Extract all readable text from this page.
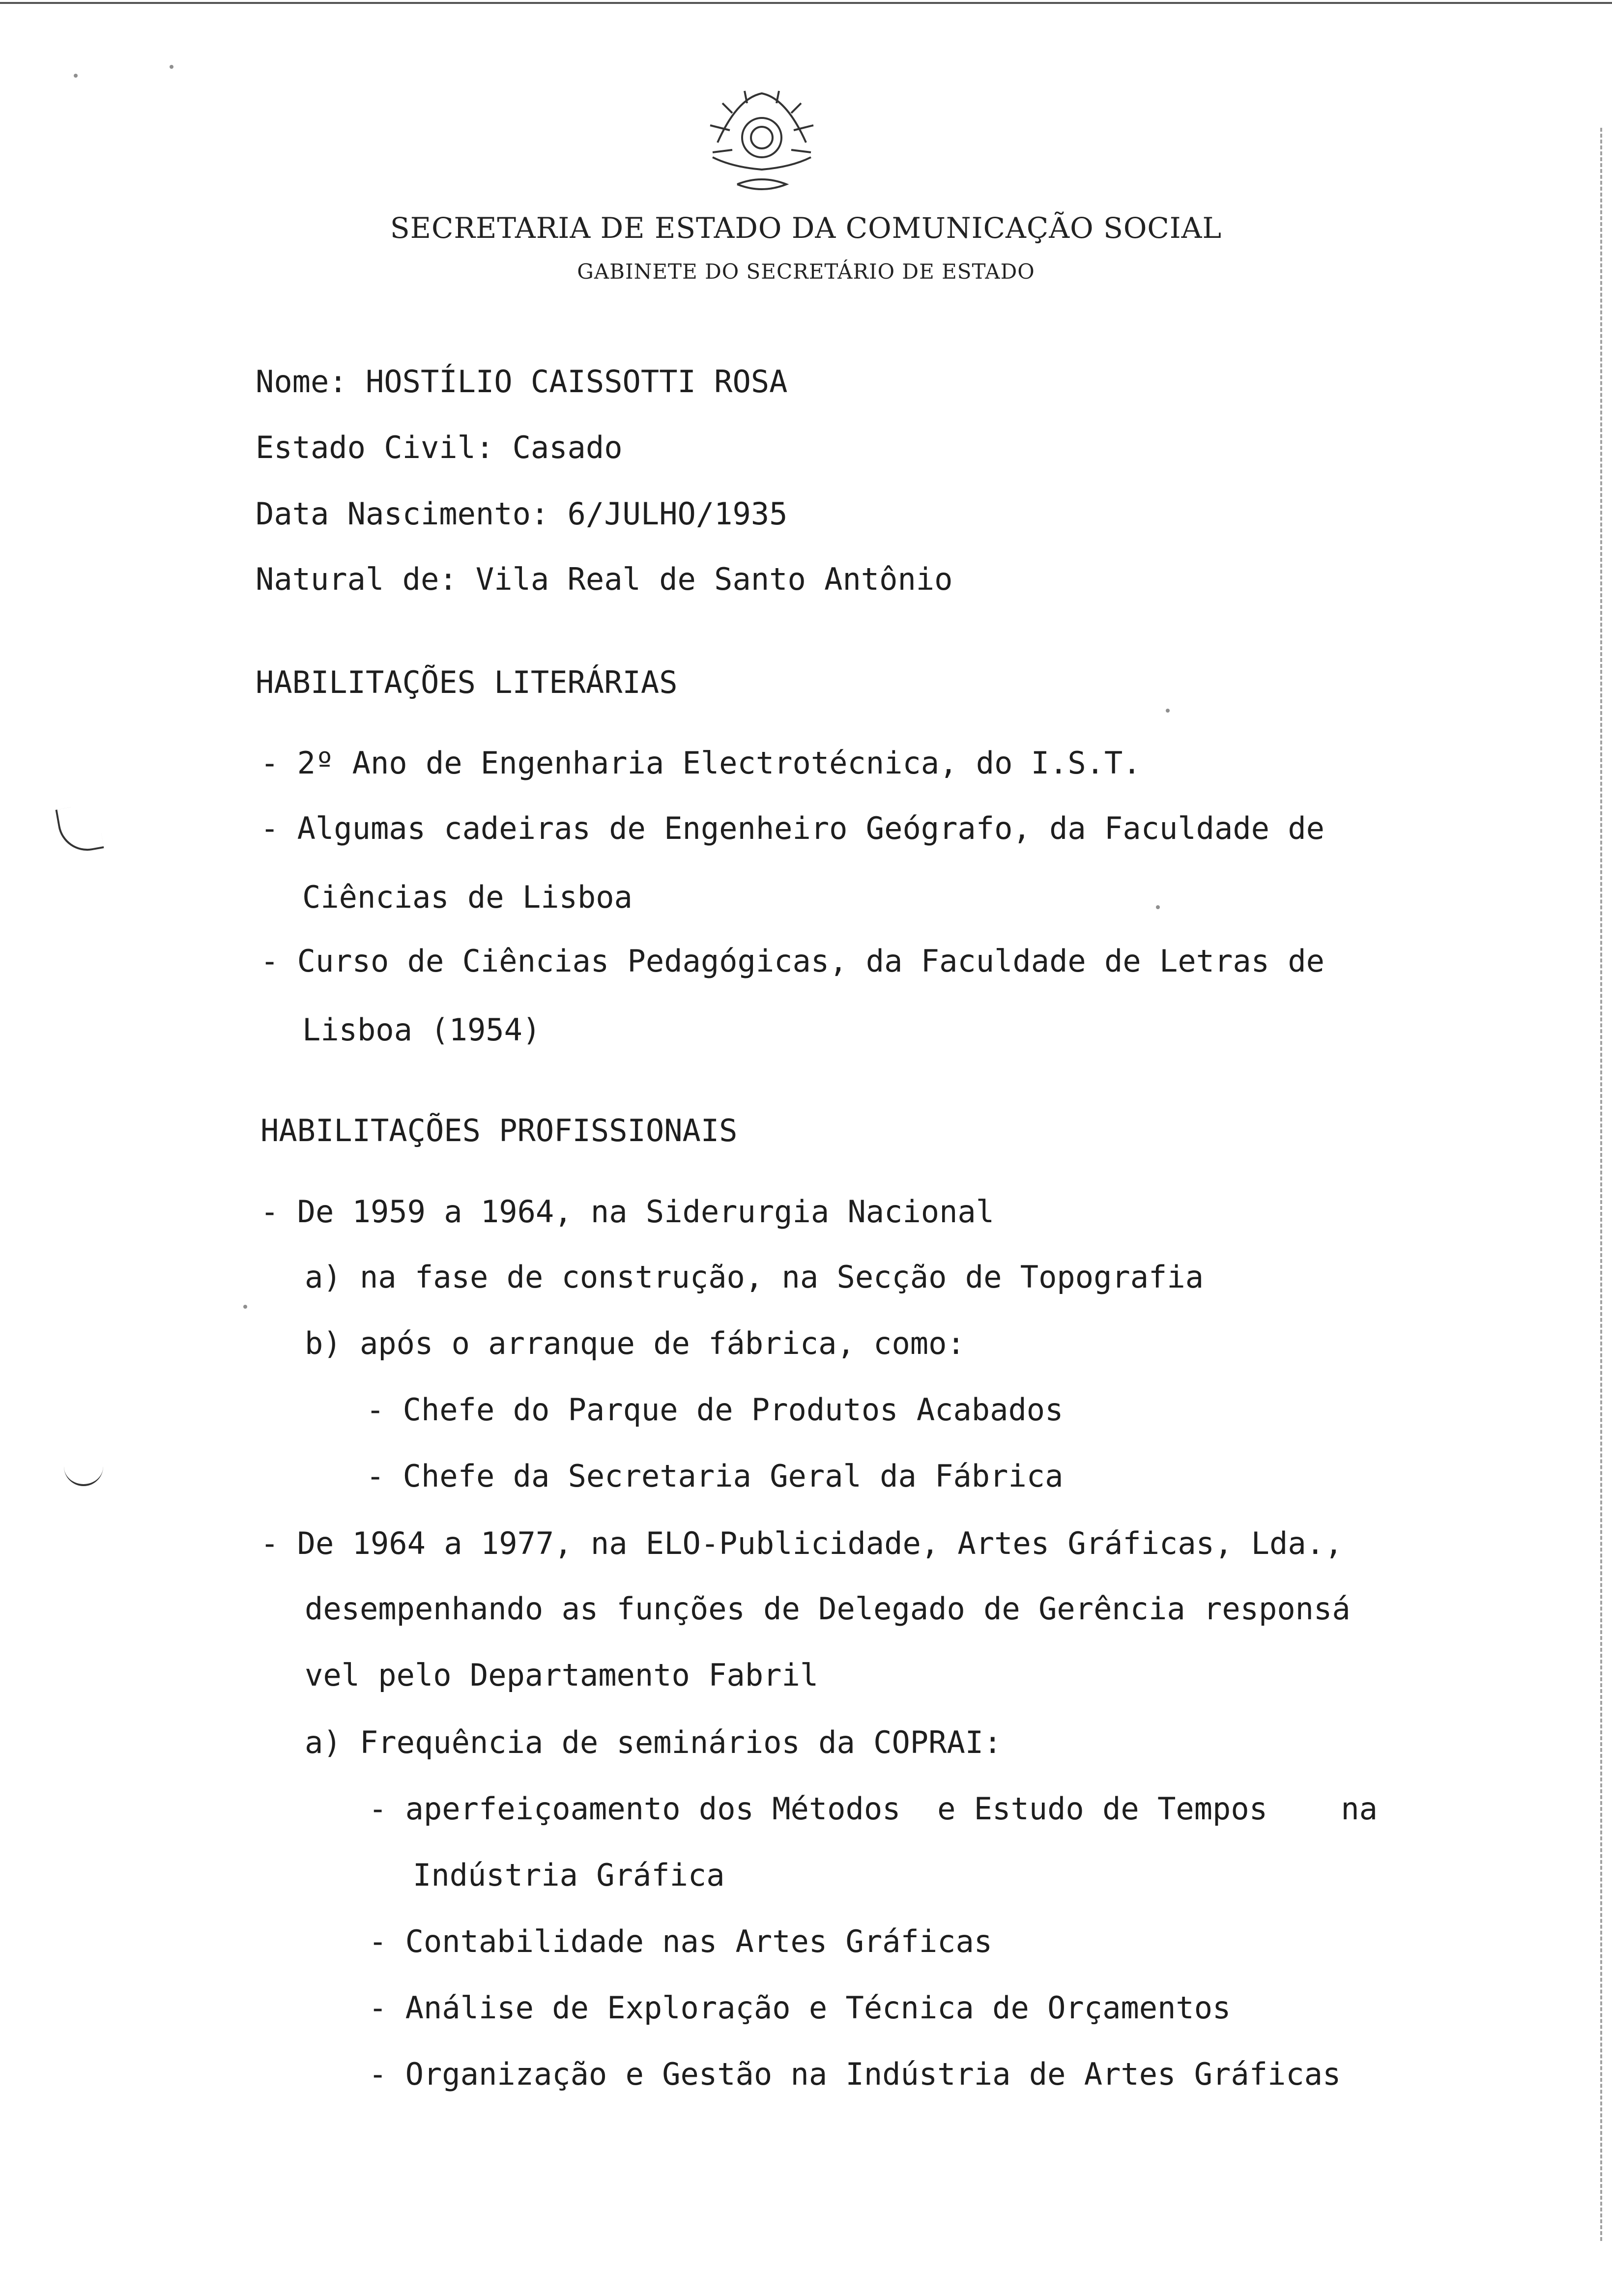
SECRETARIA DE ESTADO DA COMUNICAÇÃO SOCIAL
GABINETE DO SECRETÁRIO DE ESTADO
Nome: HOSTÍLIO CAISSOTTI ROSA
Estado Civil: Casado
Data Nascimento: 6/JULHO/1935
Natural de: Vila Real de Santo Antônio
HABILITAÇÕES LITERÁRIAS
- 2º Ano de Engenharia Electrotécnica, do I.S.T.
- Algumas cadeiras de Engenheiro Geógrafo, da Faculdade de
Ciências de Lisboa
- Curso de Ciências Pedagógicas, da Faculdade de Letras de
Lisboa (1954)
HABILITAÇÕES PROFISSIONAIS
- De 1959 a 1964, na Siderurgia Nacional
a) na fase de construção, na Secção de Topografia
b) após o arranque de fábrica, como:
- Chefe do Parque de Produtos Acabados
- Chefe da Secretaria Geral da Fábrica
- De 1964 a 1977, na ELO-Publicidade, Artes Gráficas, Lda.,
desempenhando as funções de Delegado de Gerência responsá
vel pelo Departamento Fabril
a) Frequência de seminários da COPRAI:
- aperfeiçoamento dos Métodos  e Estudo de Tempos    na
Indústria Gráfica
- Contabilidade nas Artes Gráficas
- Análise de Exploração e Técnica de Orçamentos
- Organização e Gestão na Indústria de Artes Gráficas
